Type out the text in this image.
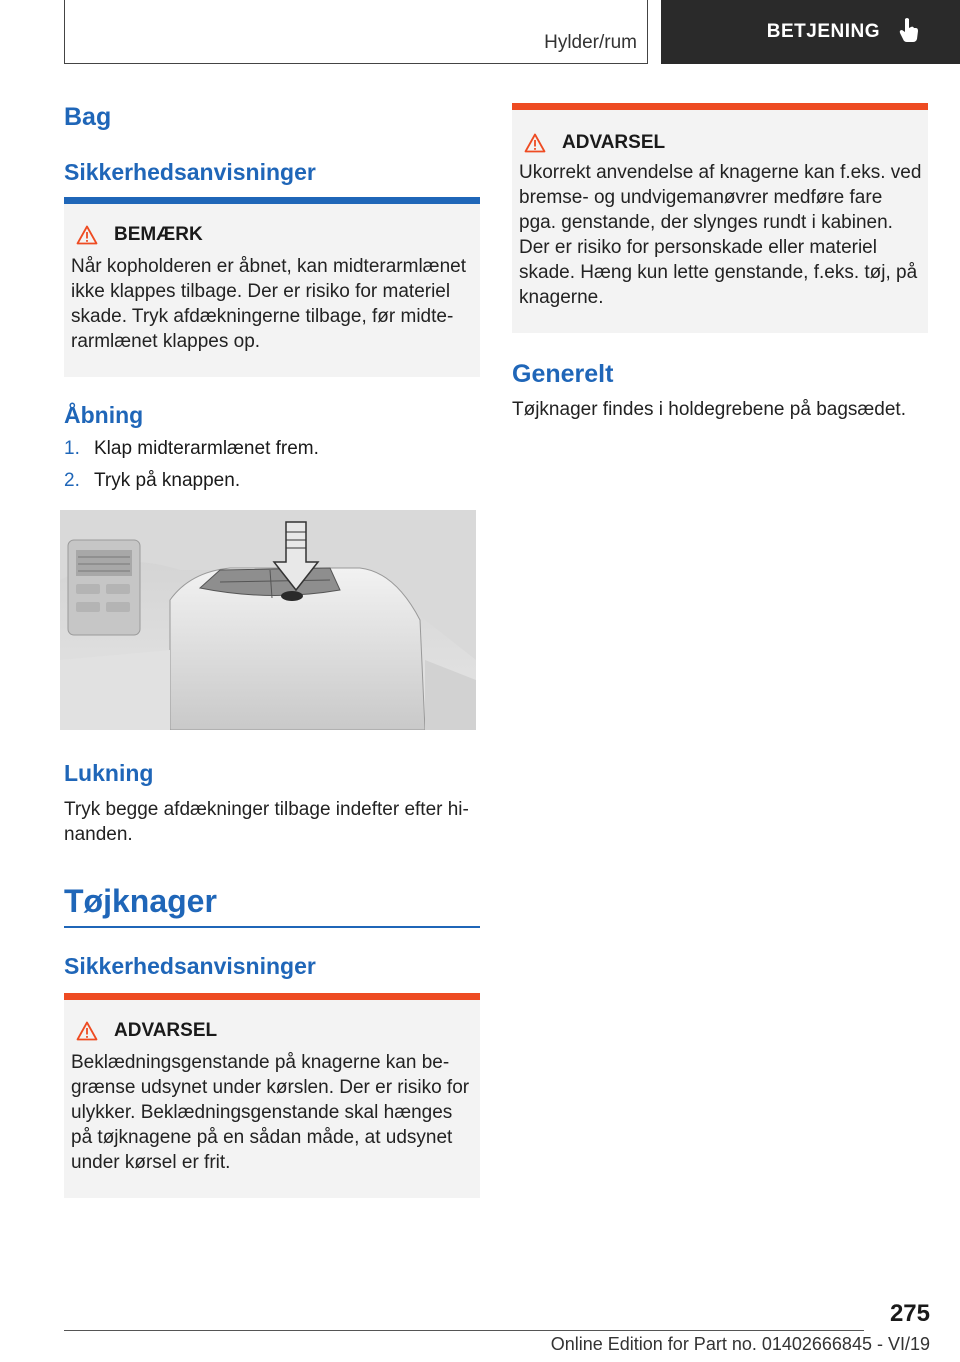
Hylder/rum
BETJENING
Bag
Sikkerhedsanvisninger
BEMÆRK
Når kopholderen er åbnet, kan midterarmlænet
ikke klappes tilbage. Der er risiko for materiel
skade. Tryk afdækningerne tilbage, før midte-
rarmlænet klappes op.
Åbning
1. Klap midterarmlænet frem.
2. Tryk på knappen.
Lukning
Tryk begge afdækninger tilbage indefter efter hi-
nanden.
Tøjknager
Sikkerhedsanvisninger
ADVARSEL
Beklædningsgenstande på knagerne kan be-
grænse udsynet under kørslen. Der er risiko for
ulykker. Beklædningsgenstande skal hænges
på tøjknagene på en sådan måde, at udsynet
under kørsel er frit.
ADVARSEL
Ukorrekt anvendelse af knagerne kan f.eks. ved
bremse- og undvigemanøvrer medføre fare
pga. genstande, der slynges rundt i kabinen.
Der er risiko for personskade eller materiel
skade. Hæng kun lette genstande, f.eks. tøj, på
knagerne.
Generelt
Tøjknager findes i holdegrebene på bagsædet.
275
Online Edition for Part no. 01402666845 - VI/19
